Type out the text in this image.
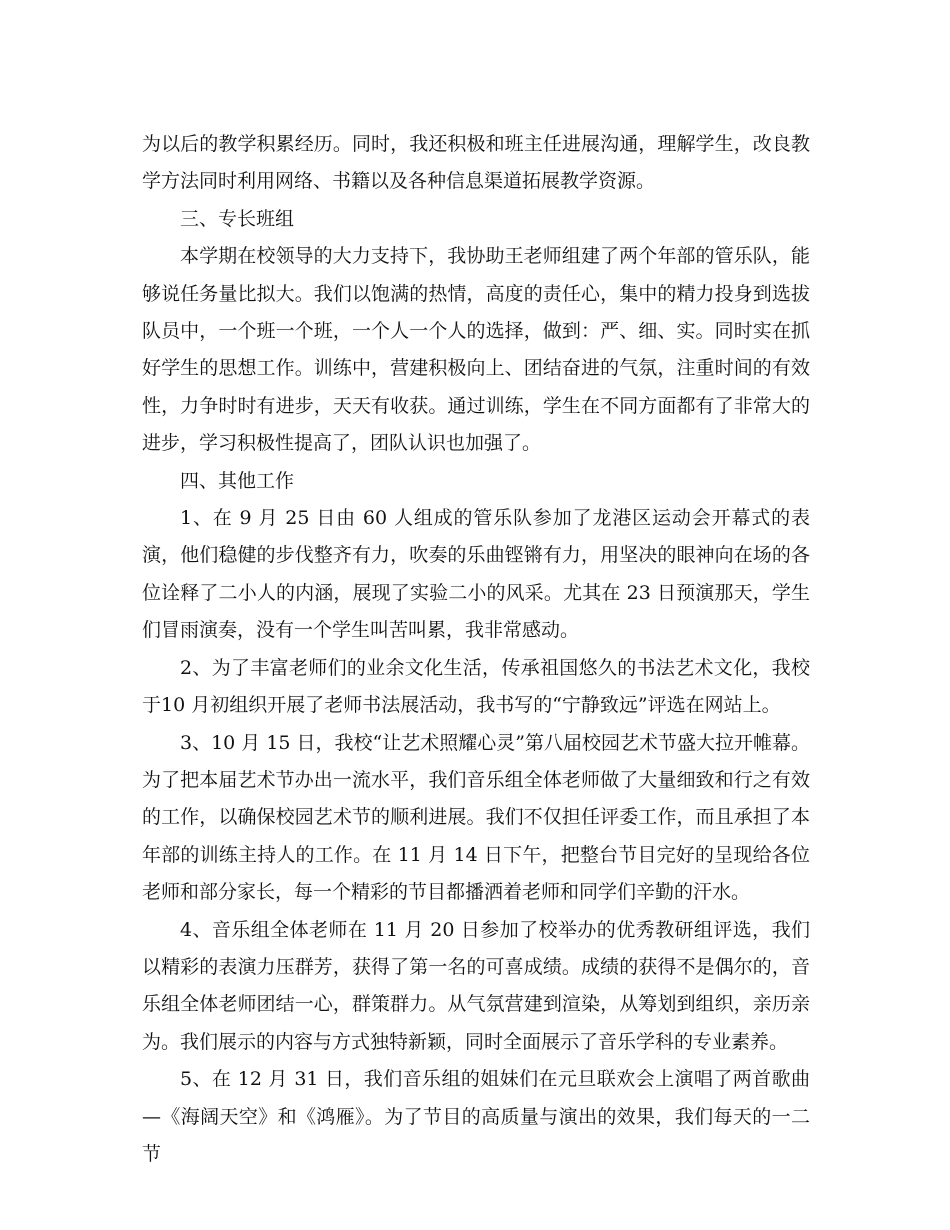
为以后的教学积累经历。同时，我还积极和班主任进展沟通，理解学生，改良教学方法同时利用网络、书籍以及各种信息渠道拓展教学资源。

三、专长班组

本学期在校领导的大力支持下，我协助王老师组建了两个年部的管乐队，能够说任务量比拟大。我们以饱满的热情，高度的责任心，集中的精力投身到选拔队员中，一个班一个班，一个人一个人的选择，做到：严、细、实。同时实在抓好学生的思想工作。训练中，营建积极向上、团结奋进的气氛，注重时间的有效性，力争时时有进步，天天有收获。通过训练，学生在不同方面都有了非常大的进步，学习积极性提高了，团队认识也加强了。

四、其他工作

1、在 9 月 25 日由 60 人组成的管乐队参加了龙港区运动会开幕式的表演，他们稳健的步伐整齐有力，吹奏的乐曲铿锵有力，用坚决的眼神向在场的各位诠释了二小人的内涵，展现了实验二小的风采。尤其在 23 日预演那天，学生们冒雨演奏，没有一个学生叫苦叫累，我非常感动。

2、为了丰富老师们的业余文化生活，传承祖国悠久的书法艺术文化，我校于10 月初组织开展了老师书法展活动，我书写的“宁静致远”评选在网站上。

3、10 月 15 日，我校“让艺术照耀心灵”第八届校园艺术节盛大拉开帷幕。为了把本届艺术节办出一流水平，我们音乐组全体老师做了大量细致和行之有效的工作，以确保校园艺术节的顺利进展。我们不仅担任评委工作，而且承担了本年部的训练主持人的工作。在 11 月 14 日下午，把整台节目完好的呈现给各位老师和部分家长，每一个精彩的节目都播洒着老师和同学们辛勤的汗水。

4、音乐组全体老师在 11 月 20 日参加了校举办的优秀教研组评选，我们以精彩的表演力压群芳，获得了第一名的可喜成绩。成绩的获得不是偶尔的，音乐组全体老师团结一心，群策群力。从气氛营建到渲染，从筹划到组织，亲历亲为。我们展示的内容与方式独特新颖，同时全面展示了音乐学科的专业素养。

5、在 12 月 31 日，我们音乐组的姐妹们在元旦联欢会上演唱了两首歌曲—《海阔天空》和《鸿雁》。为了节目的高质量与演出的效果，我们每天的一二节
